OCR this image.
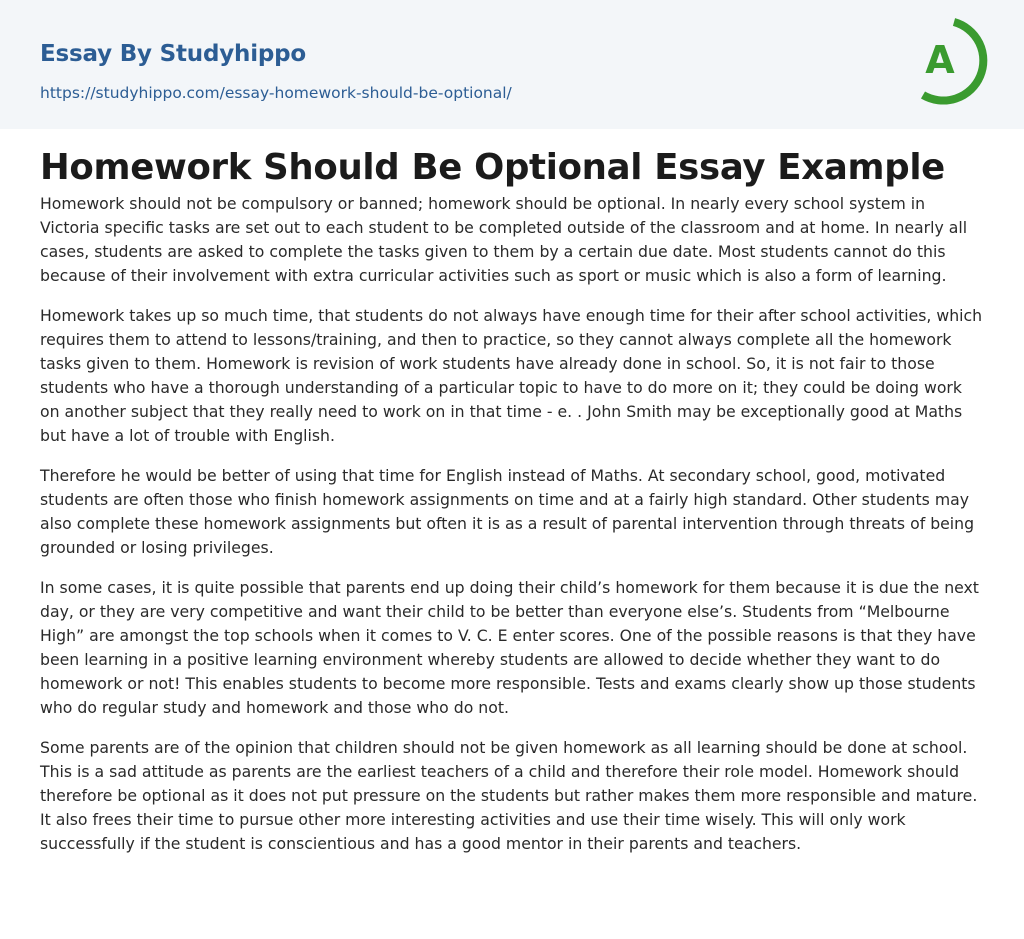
Essay By Studyhippo
https://studyhippo.com/essay-homework-should-be-optional/
A
Homework Should Be Optional Essay Example

Homework should not be compulsory or banned; homework should be optional. In nearly every school system in Victoria specific tasks are set out to each student to be completed outside of the classroom and at home. In nearly all cases, students are asked to complete the tasks given to them by a certain due date. Most students cannot do this because of their involvement with extra curricular activities such as sport or music which is also a form of learning.

Homework takes up so much time, that students do not always have enough time for their after school activities, which requires them to attend to lessons/training, and then to practice, so they cannot always complete all the homework tasks given to them. Homework is revision of work students have already done in school. So, it is not fair to those students who have a thorough understanding of a particular topic to have to do more on it; they could be doing work on another subject that they really need to work on in that time - e. . John Smith may be exceptionally good at Maths but have a lot of trouble with English.

Therefore he would be better of using that time for English instead of Maths. At secondary school, good, motivated students are often those who finish homework assignments on time and at a fairly high standard. Other students may also complete these homework assignments but often it is as a result of parental intervention through threats of being grounded or losing privileges.

In some cases, it is quite possible that parents end up doing their child’s homework for them because it is due the next day, or they are very competitive and want their child to be better than everyone else’s. Students from “Melbourne High” are amongst the top schools when it comes to V. C. E enter scores. One of the possible reasons is that they have been learning in a positive learning environment whereby students are allowed to decide whether they want to do homework or not! This enables students to become more responsible. Tests and exams clearly show up those students who do regular study and homework and those who do not.

Some parents are of the opinion that children should not be given homework as all learning should be done at school. This is a sad attitude as parents are the earliest teachers of a child and therefore their role model. Homework should therefore be optional as it does not put pressure on the students but rather makes them more responsible and mature. It also frees their time to pursue other more interesting activities and use their time wisely. This will only work successfully if the student is conscientious and has a good mentor in their parents and teachers.
